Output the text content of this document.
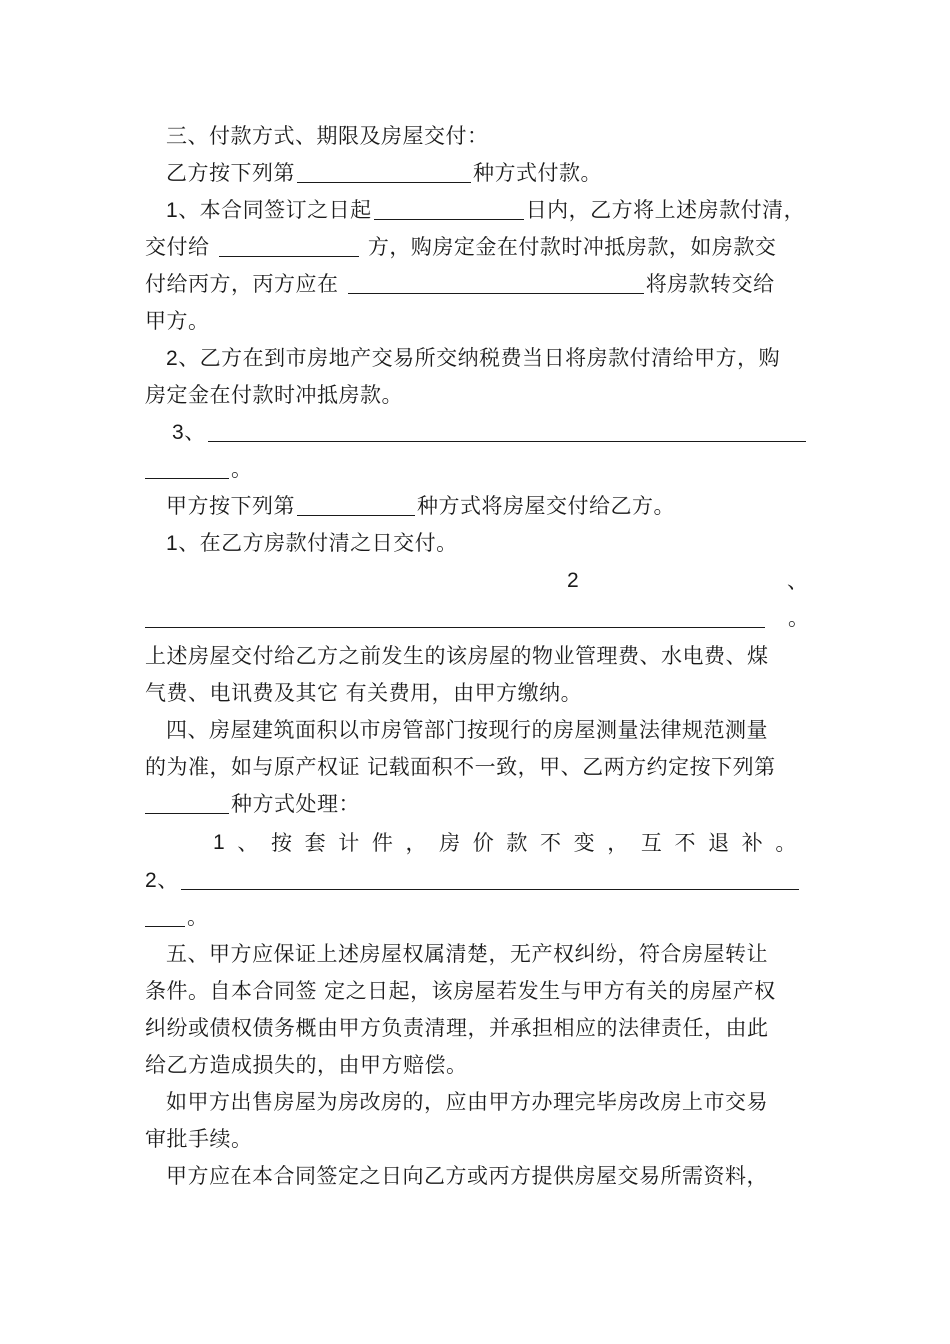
三、付款方式、期限及房屋交付：
乙方按下列第	种方式付款。
1、本合同签订之日起	日内，乙方将上述房款付清，
交付给	方，购房定金在付款时冲抵房款，如房款交
付给丙方，丙方应在	将房款转交给
甲方。
2、乙方在到市房地产交易所交纳税费当日将房款付清给甲方，购
房定金在付款时冲抵房款。
3、
。
甲方按下列第	种方式将房屋交付给乙方。
1、在乙方房款付清之日交付。
2	、
。
上述房屋交付给乙方之前发生的该房屋的物业管理费、水电费、煤
气费、电讯费及其它 有关费用，由甲方缴纳。
四、房屋建筑面积以市房管部门按现行的房屋测量法律规范测量
的为准，如与原产权证 记载面积不一致，甲、乙两方约定按下列第
种方式处理：
1 、 按 套 计 件 ， 房 价 款 不 变 ， 互 不 退 补 。
2、
。
五、甲方应保证上述房屋权属清楚，无产权纠纷，符合房屋转让
条件。自本合同签 定之日起，该房屋若发生与甲方有关的房屋产权
纠纷或债权债务概由甲方负责清理，并承担相应的法律责任，由此
给乙方造成损失的，由甲方赔偿。
如甲方出售房屋为房改房的，应由甲方办理完毕房改房上市交易
审批手续。
甲方应在本合同签定之日向乙方或丙方提供房屋交易所需资料，
